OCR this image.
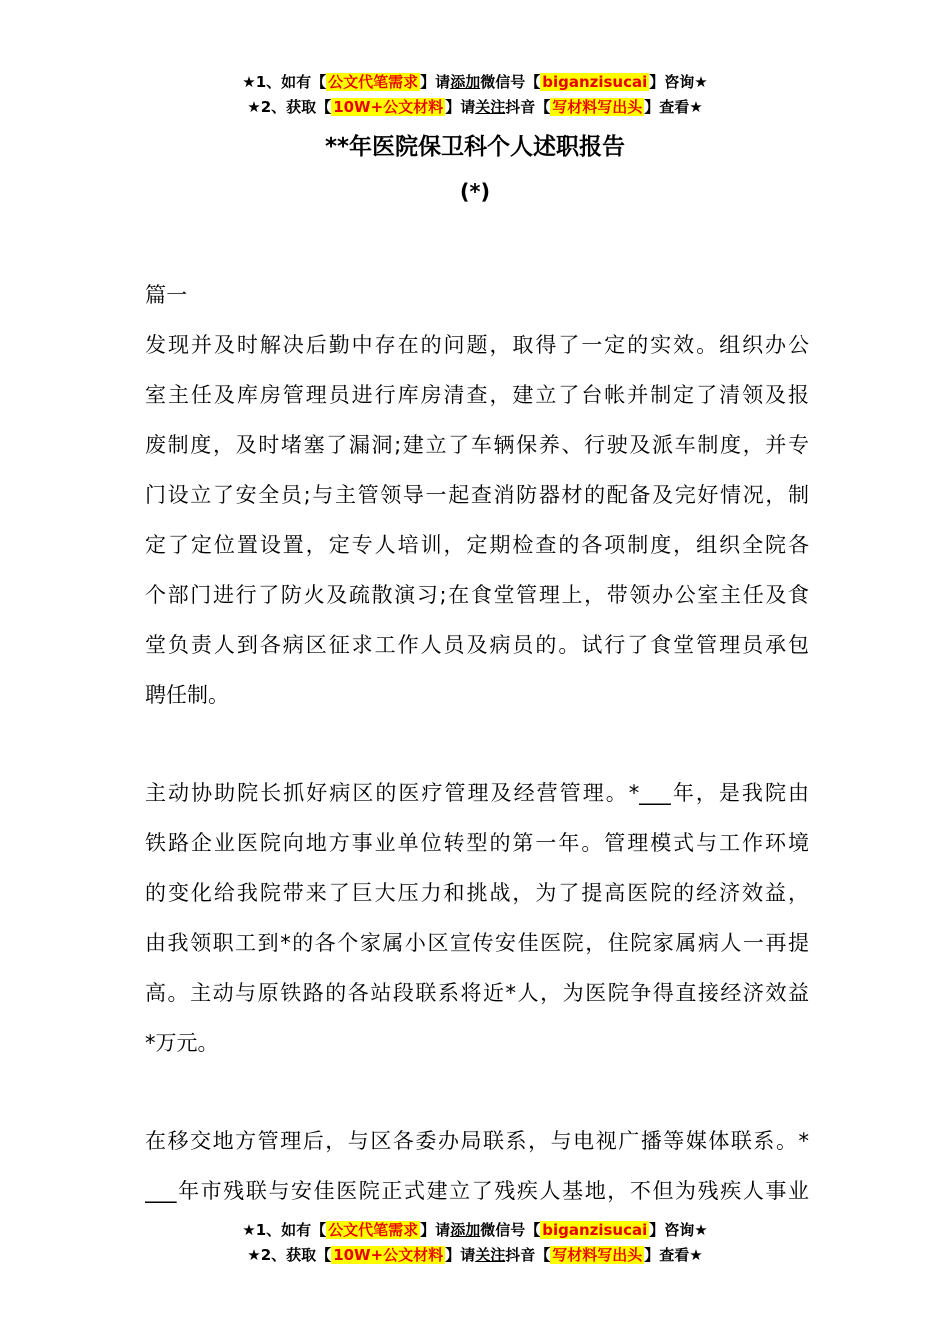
★1、如有【 公文代笔需求 】请添加微信号【 biganzisucai 】咨询★
★2、获取【 10W+公文材料 】请关注抖音【 写材料写出头 】查看★
**年医院保卫科个人述职报告
(*)
篇一
发现并及时解决后勤中存在的问题，取得了一定的实效。组织办公
室主任及库房管理员进行库房清查，建立了台帐并制定了清领及报
废制度，及时堵塞了漏洞;建立了车辆保养、行驶及派车制度，并专
门设立了安全员;与主管领导一起查消防器材的配备及完好情况，制
定了定位置设置，定专人培训，定期检查的各项制度，组织全院各
个部门进行了防火及疏散演习;在食堂管理上，带领办公室主任及食
堂负责人到各病区征求工作人员及病员的。试行了食堂管理员承包
聘任制。
主动协助院长抓好病区的医疗管理及经营管理。*___年，是我院由
铁路企业医院向地方事业单位转型的第一年。管理模式与工作环境
的变化给我院带来了巨大压力和挑战，为了提高医院的经济效益，
由我领职工到*的各个家属小区宣传安佳医院，住院家属病人一再提
高。主动与原铁路的各站段联系将近*人，为医院争得直接经济效益
*万元。
在移交地方管理后，与区各委办局联系，与电视广播等媒体联系。*
___年市残联与安佳医院正式建立了残疾人基地，不但为残疾人事业
★1、如有【 公文代笔需求 】请添加微信号【 biganzisucai 】咨询★
★2、获取【 10W+公文材料 】请关注抖音【 写材料写出头 】查看★
